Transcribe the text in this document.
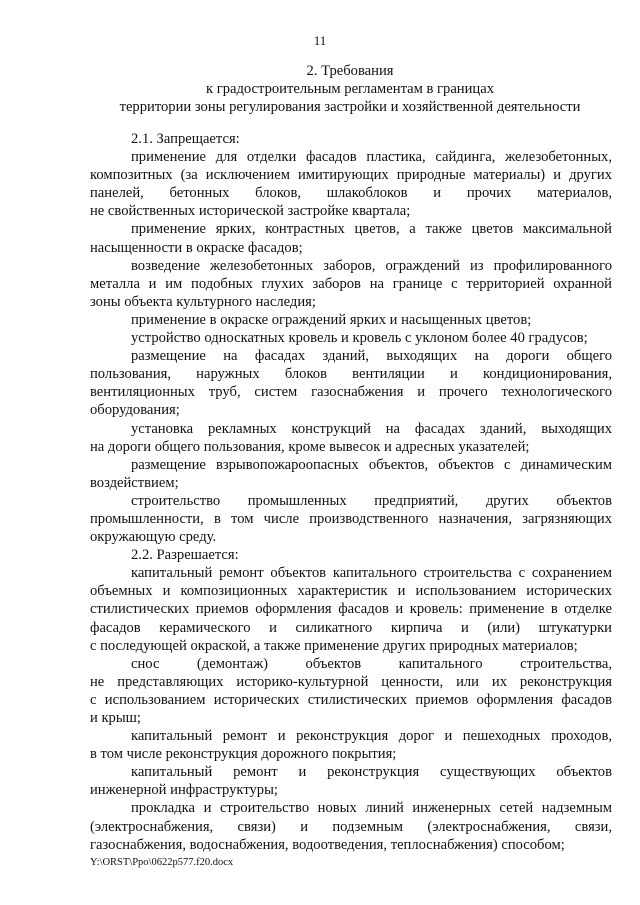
11
2. Требования
к градостроительным регламентам в границах
территории зоны регулирования застройки и хозяйственной деятельности
2.1. Запрещается:
применение для отделки фасадов пластика, сайдинга, железобетонных,
композитных (за исключением имитирующих природные материалы) и других
панелей, бетонных блоков, шлакоблоков и прочих материалов,
не свойственных исторической застройке квартала;
применение ярких, контрастных цветов, а также цветов максимальной
насыщенности в окраске фасадов;
возведение железобетонных заборов, ограждений из профилированного
металла и им подобных глухих заборов на границе с территорией охранной
зоны объекта культурного наследия;
применение в окраске ограждений ярких и насыщенных цветов;
устройство односкатных кровель и кровель с уклоном более 40 градусов;
размещение на фасадах зданий, выходящих на дороги общего
пользования, наружных блоков вентиляции и кондиционирования,
вентиляционных труб, систем газоснабжения и прочего технологического
оборудования;
установка рекламных конструкций на фасадах зданий, выходящих
на дороги общего пользования, кроме вывесок и адресных указателей;
размещение взрывопожароопасных объектов, объектов с динамическим
воздействием;
строительство промышленных предприятий, других объектов
промышленности, в том числе производственного назначения, загрязняющих
окружающую среду.
2.2. Разрешается:
капитальный ремонт объектов капитального строительства с сохранением
объемных и композиционных характеристик и использованием исторических
стилистических приемов оформления фасадов и кровель: применение в отделке
фасадов керамического и силикатного кирпича и (или) штукатурки
с последующей окраской, а также применение других природных материалов;
снос (демонтаж) объектов капитального строительства,
не представляющих историко-культурной ценности, или их реконструкция
с использованием исторических стилистических приемов оформления фасадов
и крыш;
капитальный ремонт и реконструкция дорог и пешеходных проходов,
в том числе реконструкция дорожного покрытия;
капитальный ремонт и реконструкция существующих объектов
инженерной инфраструктуры;
прокладка и строительство новых линий инженерных сетей надземным
(электроснабжения, связи) и подземным (электроснабжения, связи,
газоснабжения, водоснабжения, водоотведения, теплоснабжения) способом;
Y:\ORST\Ppo\0622p577.f20.docx
